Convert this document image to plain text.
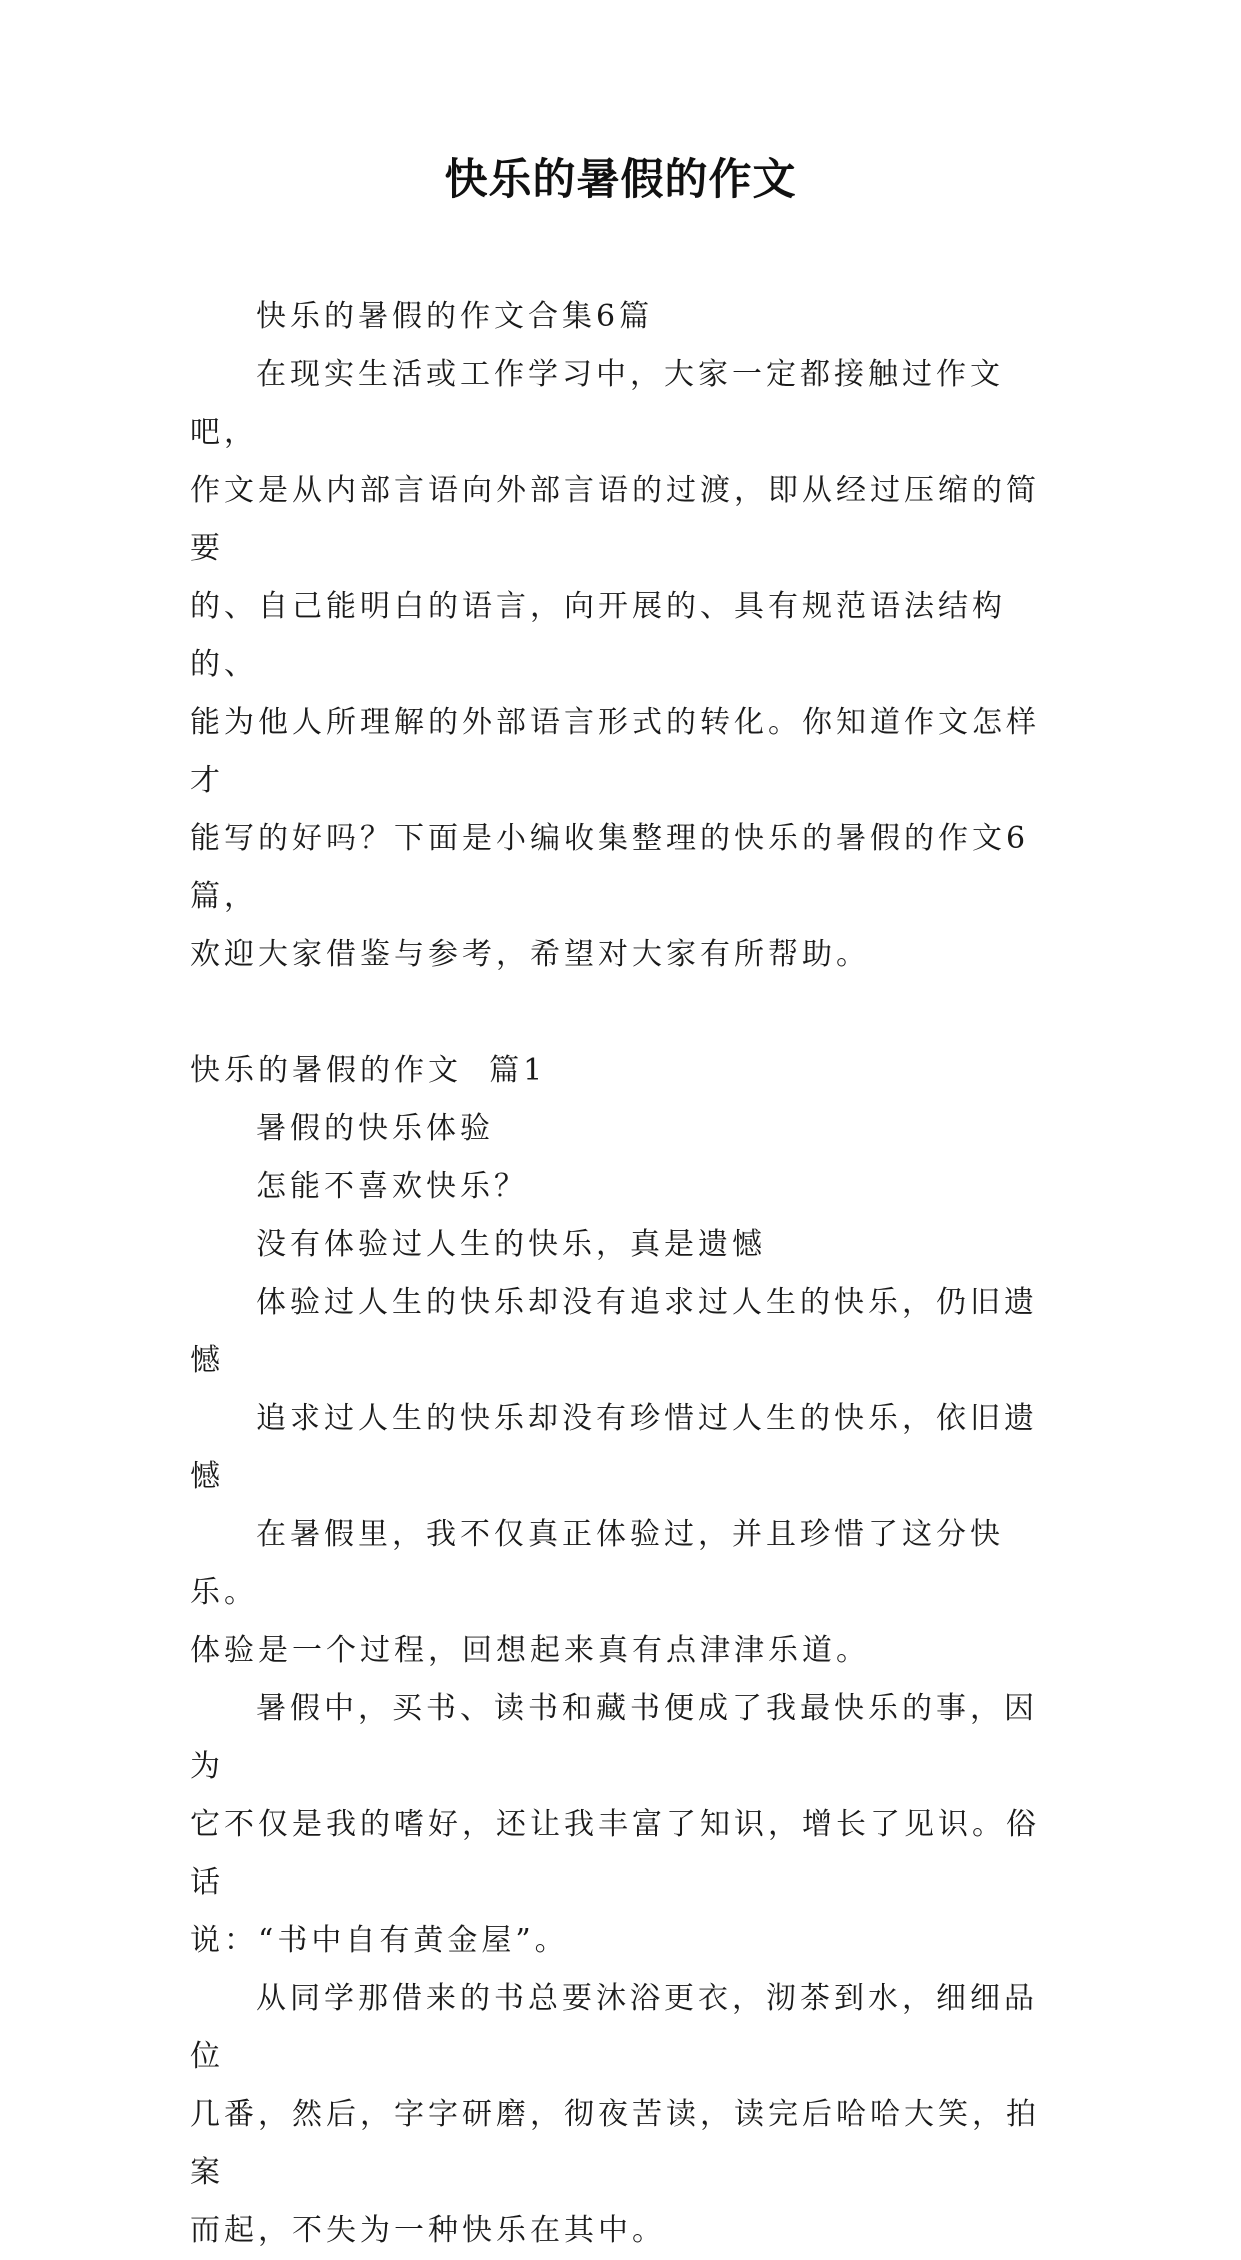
快乐的暑假的作文

快乐的暑假的作文合集6篇

在现实生活或工作学习中，大家一定都接触过作文吧，

作文是从内部言语向外部言语的过渡，即从经过压缩的简要

的、自己能明白的语言，向开展的、具有规范语法结构的、

能为他人所理解的外部语言形式的转化。你知道作文怎样才

能写的好吗？下面是小编收集整理的快乐的暑假的作文6篇，

欢迎大家借鉴与参考，希望对大家有所帮助。

快乐的暑假的作文  篇1

暑假的快乐体验

怎能不喜欢快乐？

没有体验过人生的快乐，真是遗憾

体验过人生的快乐却没有追求过人生的快乐，仍旧遗憾

追求过人生的快乐却没有珍惜过人生的快乐，依旧遗憾

在暑假里，我不仅真正体验过，并且珍惜了这分快乐。

体验是一个过程，回想起来真有点津津乐道。

暑假中，买书、读书和藏书便成了我最快乐的事，因为

它不仅是我的嗜好，还让我丰富了知识，增长了见识。俗话

说：“书中自有黄金屋”。

从同学那借来的书总要沐浴更衣，沏茶到水，细细品位

几番，然后，字字研磨，彻夜苦读，读完后哈哈大笑，拍案

而起，不失为一种快乐在其中。
